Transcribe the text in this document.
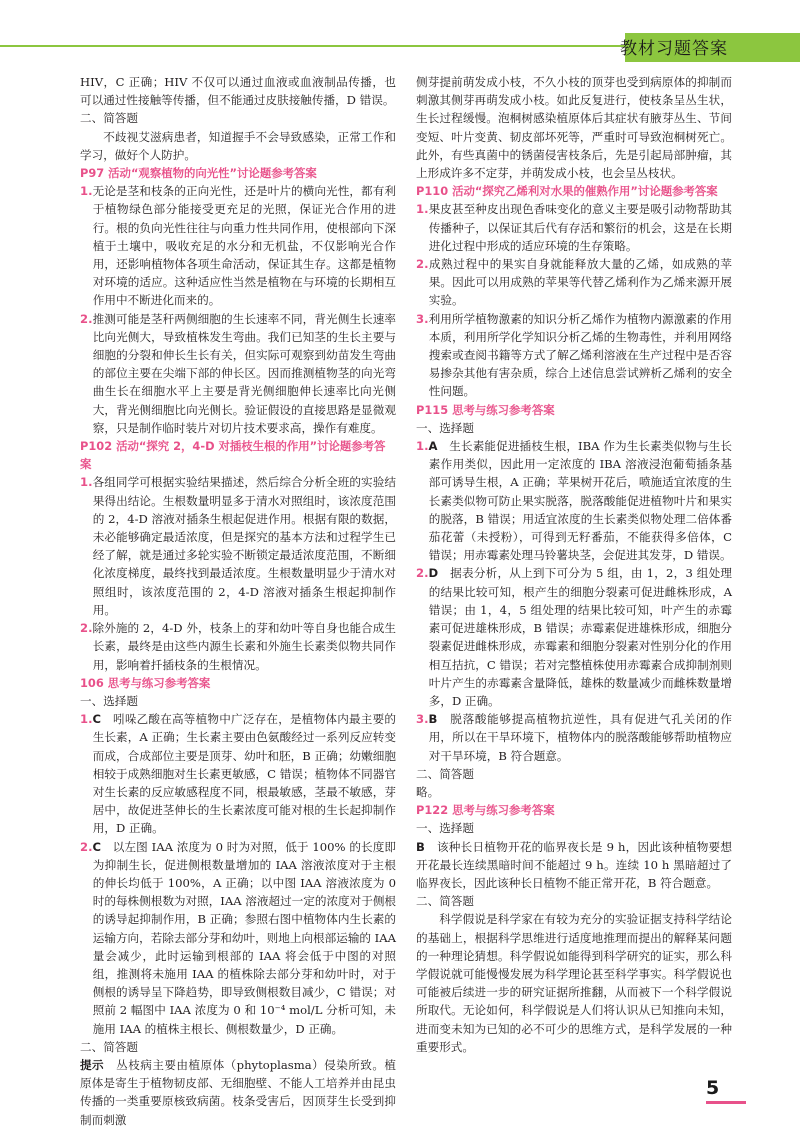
教材习题答案

HIV，C 正确；HIV 不仅可以通过血液或血液制品传播，也可以通过性接触等传播，但不能通过皮肤接触传播，D 错误。

二、简答题

不歧视艾滋病患者，知道握手不会导致感染，正常工作和学习，做好个人防护。

P97 活动“观察植物的向光性”讨论题参考答案

1.无论是茎和枝条的正向光性，还是叶片的横向光性，都有利于植物绿色部分能接受更充足的光照，保证光合作用的进行。根的负向光性往往与向重力性共同作用，使根部向下深植于土壤中，吸收充足的水分和无机盐，不仅影响光合作用，还影响植物体各项生命活动，保证其生存。这都是植物对环境的适应。这种适应性当然是植物在与环境的长期相互作用中不断进化而来的。

2.推测可能是茎秆两侧细胞的生长速率不同，背光侧生长速率比向光侧大，导致植株发生弯曲。我们已知茎的生长主要与细胞的分裂和伸长生长有关，但实际可观察到幼苗发生弯曲的部位主要在尖端下部的伸长区。因而推测植物茎的向光弯曲生长在细胞水平上主要是背光侧细胞伸长速率比向光侧大，背光侧细胞比向光侧长。验证假设的直接思路是显微观察，只是制作临时装片对切片技术要求高，操作有难度。

P102 活动“探究 2，4-D 对插枝生根的作用”讨论题参考答案

1.各组同学可根据实验结果描述，然后综合分析全班的实验结果得出结论。生根数量明显多于清水对照组时，该浓度范围的 2，4-D 溶液对插条生根起促进作用。根据有限的数据，未必能够确定最适浓度，但是探究的基本方法和过程学生已经了解，就是通过多轮实验不断锁定最适浓度范围，不断细化浓度梯度，最终找到最适浓度。生根数量明显少于清水对照组时，该浓度范围的 2，4-D 溶液对插条生根起抑制作用。

2.除外施的 2，4-D 外，枝条上的芽和幼叶等自身也能合成生长素，最终是由这些内源生长素和外施生长素类似物共同作用，影响着扦插枝条的生根情况。

106 思考与练习参考答案

一、选择题

1.C　 吲哚乙酸在高等植物中广泛存在，是植物体内最主要的生长素，A 正确；生长素主要由色氨酸经过一系列反应转变而成，合成部位主要是顶芽、幼叶和胚，B 正确；幼嫩细胞相较于成熟细胞对生长素更敏感，C 错误；植物体不同器官对生长素的反应敏感程度不同，根最敏感，茎最不敏感，芽居中，故促进茎伸长的生长素浓度可能对根的生长起抑制作用，D 正确。

2.C　 以左图 IAA 浓度为 0 时为对照，低于 100% 的长度即为抑制生长，促进侧根数量增加的 IAA 溶液浓度对于主根的伸长均低于 100%，A 正确；以中图 IAA 溶液浓度为 0 时的每株侧根数为对照，IAA 溶液超过一定的浓度对于侧根的诱导起抑制作用，B 正确；参照右图中植物体内生长素的运输方向，若除去部分芽和幼叶，则地上向根部运输的 IAA 量会减少，此时运输到根部的 IAA 将会低于中图的对照组，推测将未施用 IAA 的植株除去部分芽和幼叶时，对于侧根的诱导呈下降趋势，即导致侧根数目减少，C 错误；对照前 2 幅图中 IAA 浓度为 0 和 10⁻⁴ mol/L 分析可知，未施用 IAA 的植株主根长、侧根数量少，D 正确。

二、简答题

提示　 丛枝病主要由植原体（phytoplasma）侵染所致。植原体是寄生于植物韧皮部、无细胞壁、不能人工培养并由昆虫传播的一类重要原核致病菌。枝条受害后，因顶芽生长受到抑制而刺激

侧芽提前萌发成小枝，不久小枝的顶芽也受到病原体的抑制而刺激其侧芽再萌发成小枝。如此反复进行，使枝条呈丛生状，生长过程缓慢。泡桐树感染植原体后其症状有腋芽丛生、节间变短、叶片变黄、韧皮部坏死等，严重时可导致泡桐树死亡。此外，有些真菌中的锈菌侵害枝条后，先是引起局部肿瘤，其上形成许多不定芽，并萌发成小枝，也会呈丛枝状。

P110 活动“探究乙烯利对水果的催熟作用”讨论题参考答案

1.果皮甚至种皮出现色香味变化的意义主要是吸引动物帮助其传播种子，以保证其后代有存活和繁衍的机会，这是在长期进化过程中形成的适应环境的生存策略。

2.成熟过程中的果实自身就能释放大量的乙烯，如成熟的苹果。因此可以用成熟的苹果等代替乙烯利作为乙烯来源开展实验。

3.利用所学植物激素的知识分析乙烯作为植物内源激素的作用本质，利用所学化学知识分析乙烯的生物毒性，并利用网络搜索或查阅书籍等方式了解乙烯利溶液在生产过程中是否容易掺杂其他有害杂质，综合上述信息尝试辨析乙烯利的安全性问题。

P115 思考与练习参考答案

一、选择题

1.A　 生长素能促进插枝生根，IBA 作为生长素类似物与生长素作用类似，因此用一定浓度的 IBA 溶液浸泡葡萄插条基部可诱导生根，A 正确；苹果树开花后，喷施适宜浓度的生长素类似物可防止果实脱落，脱落酸能促进植物叶片和果实的脱落，B 错误；用适宜浓度的生长素类似物处理二倍体番茄花蕾（未授粉），可得到无籽番茄，不能获得多倍体，C 错误；用赤霉素处理马铃薯块茎，会促进其发芽，D 错误。

2.D　 据表分析，从上到下可分为 5 组，由 1，2，3 组处理的结果比较可知，根产生的细胞分裂素可促进雌株形成，A 错误；由 1，4，5 组处理的结果比较可知，叶产生的赤霉素可促进雄株形成，B 错误；赤霉素促进雄株形成，细胞分裂素促进雌株形成，赤霉素和细胞分裂素对性别分化的作用相互拮抗，C 错误；若对完整植株使用赤霉素合成抑制剂则叶片产生的赤霉素含量降低，雄株的数量减少而雌株数量增多，D 正确。

3.B　 脱落酸能够提高植物抗逆性，具有促进气孔关闭的作用，所以在干旱环境下，植物体内的脱落酸能够帮助植物应对干旱环境，B 符合题意。

二、简答题

略。

P122 思考与练习参考答案

一、选择题

B　 该种长日植物开花的临界夜长是 9 h，因此该种植物要想开花最长连续黑暗时间不能超过 9 h。连续 10 h 黑暗超过了临界夜长，因此该种长日植物不能正常开花，B 符合题意。

二、简答题

科学假说是科学家在有较为充分的实验证据支持科学结论的基础上，根据科学思维进行适度地推理而提出的解释某问题的一种理论猜想。科学假说如能得到科学研究的证实，那么科学假说就可能慢慢发展为科学理论甚至科学事实。科学假说也可能被后续进一步的研究证据所推翻，从而被下一个科学假说所取代。无论如何，科学假说是人们将认识从已知推向未知，进而变未知为已知的必不可少的思维方式，是科学发展的一种重要形式。

5
